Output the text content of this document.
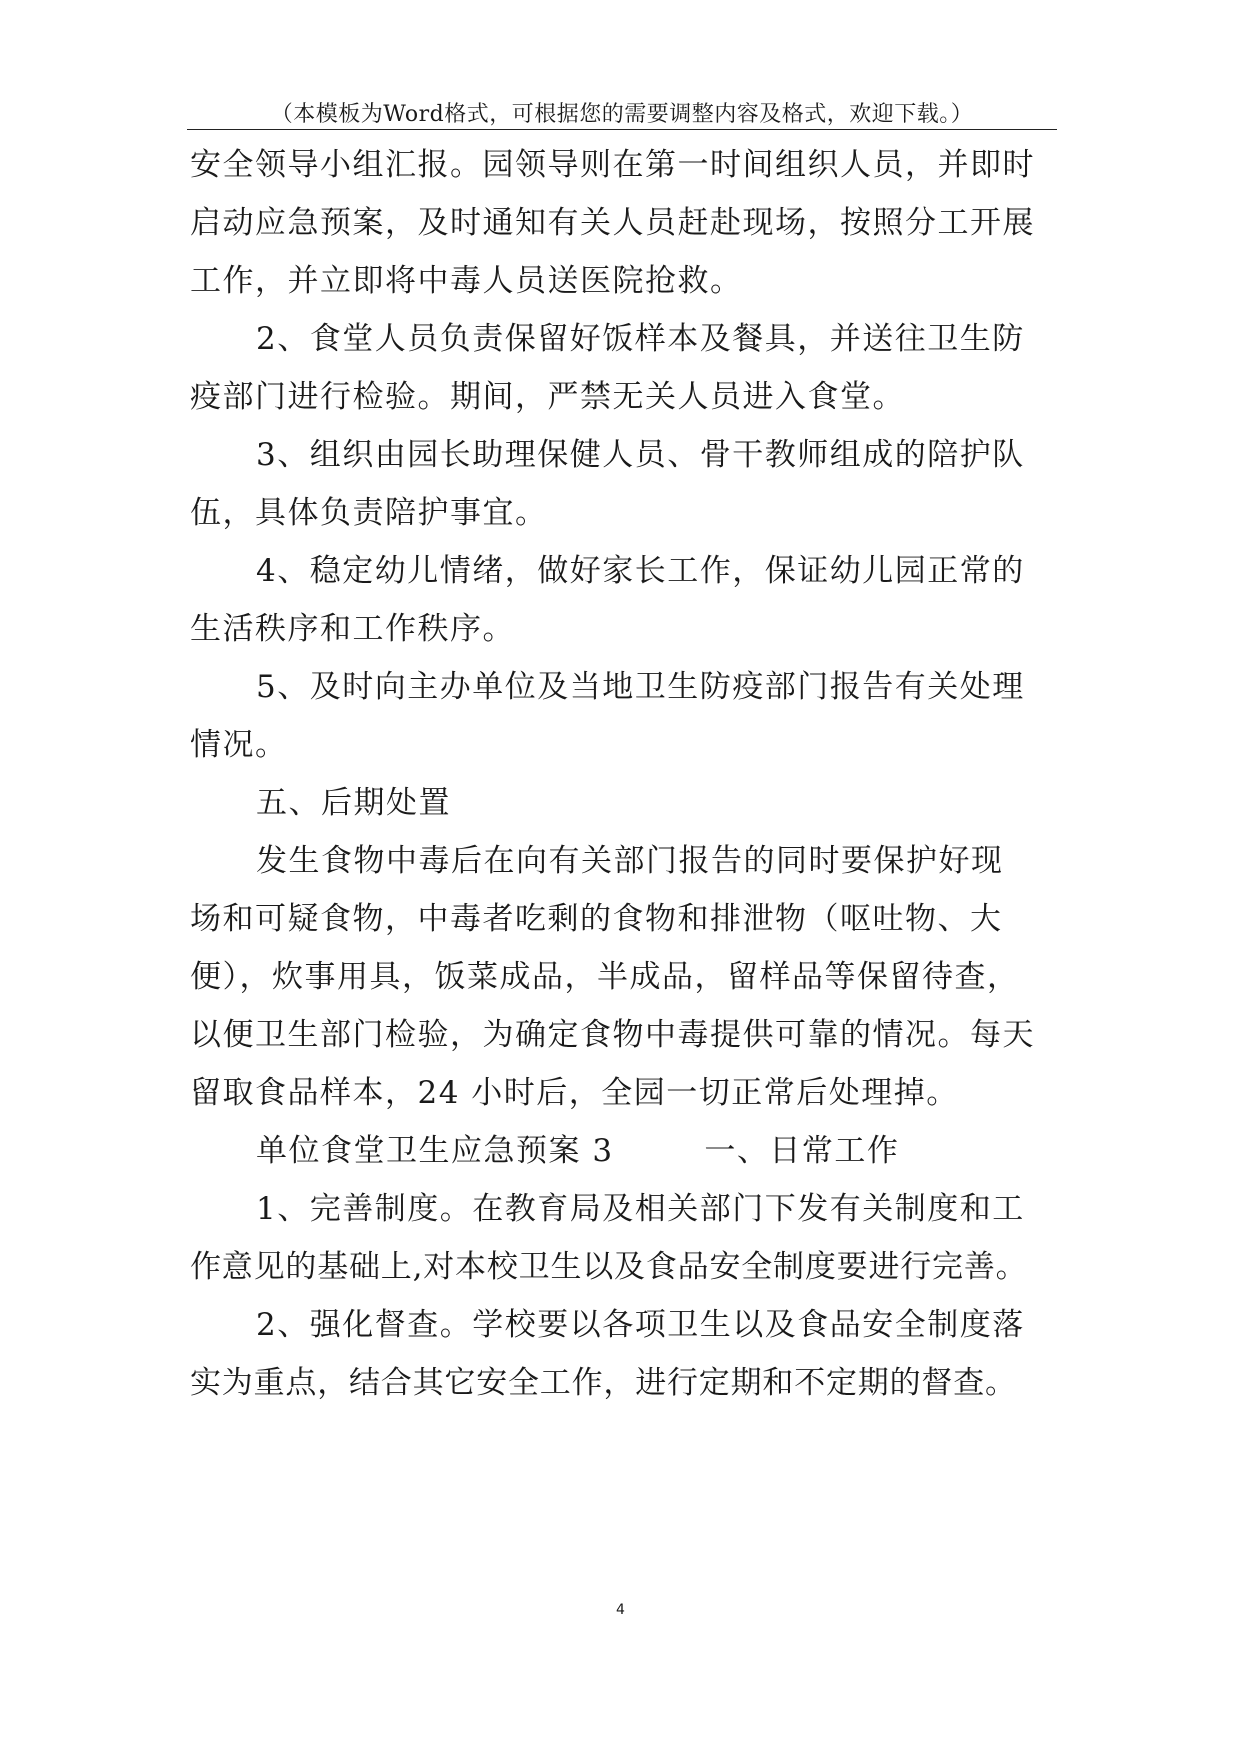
（本模板为Word格式，可根据您的需要调整内容及格式，欢迎下载。）
安全领导小组汇报。园领导则在第一时间组织人员，并即时
启动应急预案，及时通知有关人员赶赴现场，按照分工开展
工作，并立即将中毒人员送医院抢救。
2、食堂人员负责保留好饭样本及餐具，并送往卫生防
疫部门进行检验。期间，严禁无关人员进入食堂。
3、组织由园长助理保健人员、骨干教师组成的陪护队
伍，具体负责陪护事宜。
4、稳定幼儿情绪，做好家长工作，保证幼儿园正常的
生活秩序和工作秩序。
5、及时向主办单位及当地卫生防疫部门报告有关处理
情况。
五、后期处置
发生食物中毒后在向有关部门报告的同时要保护好现
场和可疑食物，中毒者吃剩的食物和排泄物（呕吐物、大
便），炊事用具，饭菜成品，半成品，留样品等保留待查，
以便卫生部门检验，为确定食物中毒提供可靠的情况。每天
留取食品样本，24 小时后，全园一切正常后处理掉。
单位食堂卫生应急预案 3        一、日常工作
1、完善制度。在教育局及相关部门下发有关制度和工
作意见的基础上,对本校卫生以及食品安全制度要进行完善。
2、强化督查。学校要以各项卫生以及食品安全制度落
实为重点，结合其它安全工作，进行定期和不定期的督查。
4
